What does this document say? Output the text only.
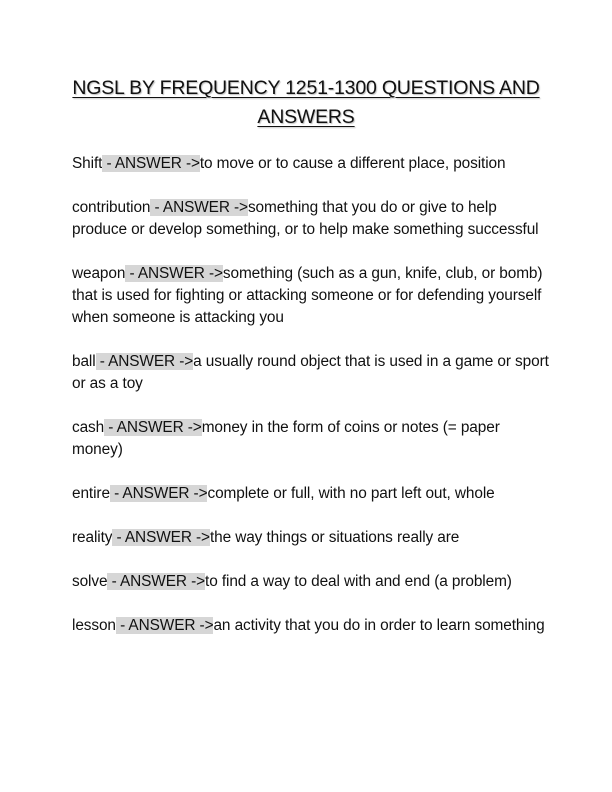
NGSL BY FREQUENCY 1251-1300 QUESTIONS AND ANSWERS
Shift - ANSWER ->to move or to cause a different place, position
contribution - ANSWER ->something that you do or give to help produce or develop something, or to help make something successful
weapon - ANSWER ->something (such as a gun, knife, club, or bomb) that is used for fighting or attacking someone or for defending yourself when someone is attacking you
ball - ANSWER ->a usually round object that is used in a game or sport or as a toy
cash - ANSWER ->money in the form of coins or notes (= paper money)
entire - ANSWER ->complete or full, with no part left out, whole
reality - ANSWER ->the way things or situations really are
solve - ANSWER ->to find a way to deal with and end (a problem)
lesson - ANSWER ->an activity that you do in order to learn something
